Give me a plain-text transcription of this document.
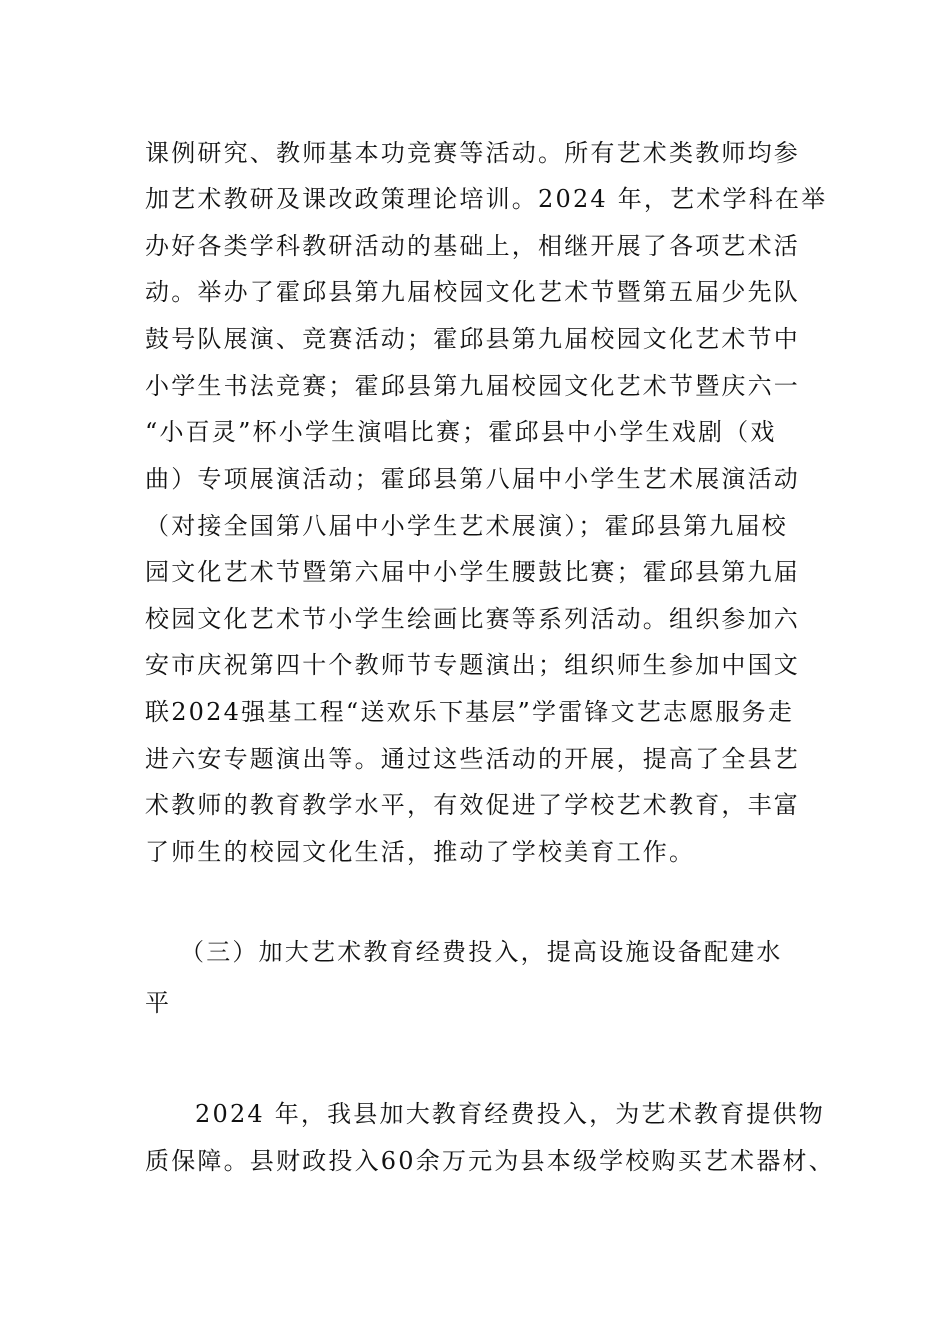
课例研究、教师基本功竞赛等活动。所有艺术类教师均参
加艺术教研及课改政策理论培训。2024 年，艺术学科在举
办好各类学科教研活动的基础上，相继开展了各项艺术活
动。举办了霍邱县第九届校园文化艺术节暨第五届少先队
鼓号队展演、竞赛活动；霍邱县第九届校园文化艺术节中
小学生书法竞赛；霍邱县第九届校园文化艺术节暨庆六一
“小百灵”杯小学生演唱比赛；霍邱县中小学生戏剧（戏
曲）专项展演活动；霍邱县第八届中小学生艺术展演活动
（对接全国第八届中小学生艺术展演）；霍邱县第九届校
园文化艺术节暨第六届中小学生腰鼓比赛；霍邱县第九届
校园文化艺术节小学生绘画比赛等系列活动。组织参加六
安市庆祝第四十个教师节专题演出；组织师生参加中国文
联2024强基工程“送欢乐下基层”学雷锋文艺志愿服务走
进六安专题演出等。通过这些活动的开展，提高了全县艺
术教师的教育教学水平，有效促进了学校艺术教育，丰富
了师生的校园文化生活，推动了学校美育工作。
（三）加大艺术教育经费投入，提高设施设备配建水
平
2024 年，我县加大教育经费投入，为艺术教育提供物
质保障。县财政投入60余万元为县本级学校购买艺术器材、
